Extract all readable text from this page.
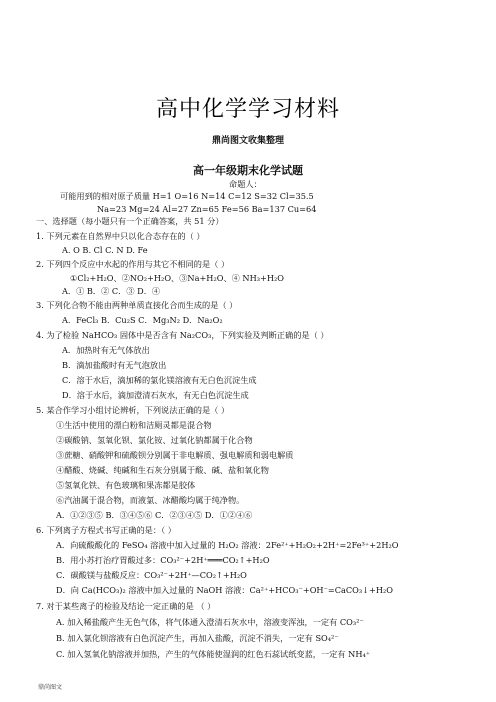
高中化学学习材料
鼎尚图文收集整理
高一年级期末化学试题
命题人：
可能用到的相对原子质量 H=1 O=16 N=14 C=12 S=32 Cl=35.5
Na=23 Mg=24 Al=27 Zn=65 Fe=56 Ba=137 Cu=64
一、选择题（每小题只有一个正确答案，共 51 分）
1. 下列元素在自然界中只以化合态存在的（ ）
A. O B. Cl C. N D. Fe
2. 下列四个反应中水起的作用与其它不相同的是（ ）
①Cl₂+H₂O、②NO₂+H₂O、③Na+H₂O、④ NH₃+H₂O
A．① B．② C．③ D．④
3. 下列化合物不能由两种单质直接化合而生成的是（ ）
A．FeCl₃ B．Cu₂S C．Mg₃N₂ D．Na₂O₂
4. 为了检验 NaHCO₃ 固体中是否含有 Na₂CO₃，下列实验及判断正确的是（ ）
A．加热时有无气体放出
B．滴加盐酸时有无气泡放出
C．溶于水后，滴加稀的氯化镁溶液有无白色沉淀生成
D．溶于水后，滴加澄清石灰水，有无白色沉淀生成
5. 某合作学习小组讨论辨析，下列说法正确的是（ ）
①生活中使用的漂白粉和洁厕灵都是混合物
②碳酸钠、氢氧化钡、氯化铵、过氧化钠都属于化合物
③蔗糖、硝酸钾和硫酸钡分别属于非电解质、强电解质和弱电解质
④醋酸、烧碱、纯碱和生石灰分别属于酸、碱、盐和氧化物
⑤氢氧化铁、有色玻璃和果冻都是胶体
⑥汽油属于混合物，而液氯、冰醋酸均属于纯净物。
A．①②③⑤ B．③④⑤⑥ C．②③④⑤ D．①②④⑥
6. 下列离子方程式书写正确的是：（ ）
A．向硫酸酸化的 FeSO₄ 溶液中加入过量的 H₂O₂ 溶液：2Fe²⁺+H₂O₂+2H⁺=2Fe³⁺+2H₂O
B．用小苏打治疗胃酸过多：CO₃²⁻+2H⁺═══CO₂↑+H₂O
C．碳酸镁与盐酸反应：CO₃²⁻+2H⁺—CO₂↑+H₂O
D．向 Ca(HCO₃)₂ 溶液中加入过量的 NaOH 溶液：Ca²⁺+HCO₃⁻+OH⁻=CaCO₃↓+H₂O
7. 对于某些离子的检验及结论一定正确的是 （ ）
A. 加入稀盐酸产生无色气体，将气体通入澄清石灰水中，溶液变浑浊，一定有 CO₃²⁻
B. 加入氯化钡溶液有白色沉淀产生，再加入盐酸，沉淀不消失，一定有 SO₄²⁻
C. 加入氢氧化钠溶液并加热，产生的气体能使湿润的红色石蕊试纸变蓝，一定有 NH₄⁺
鼎尚图文
